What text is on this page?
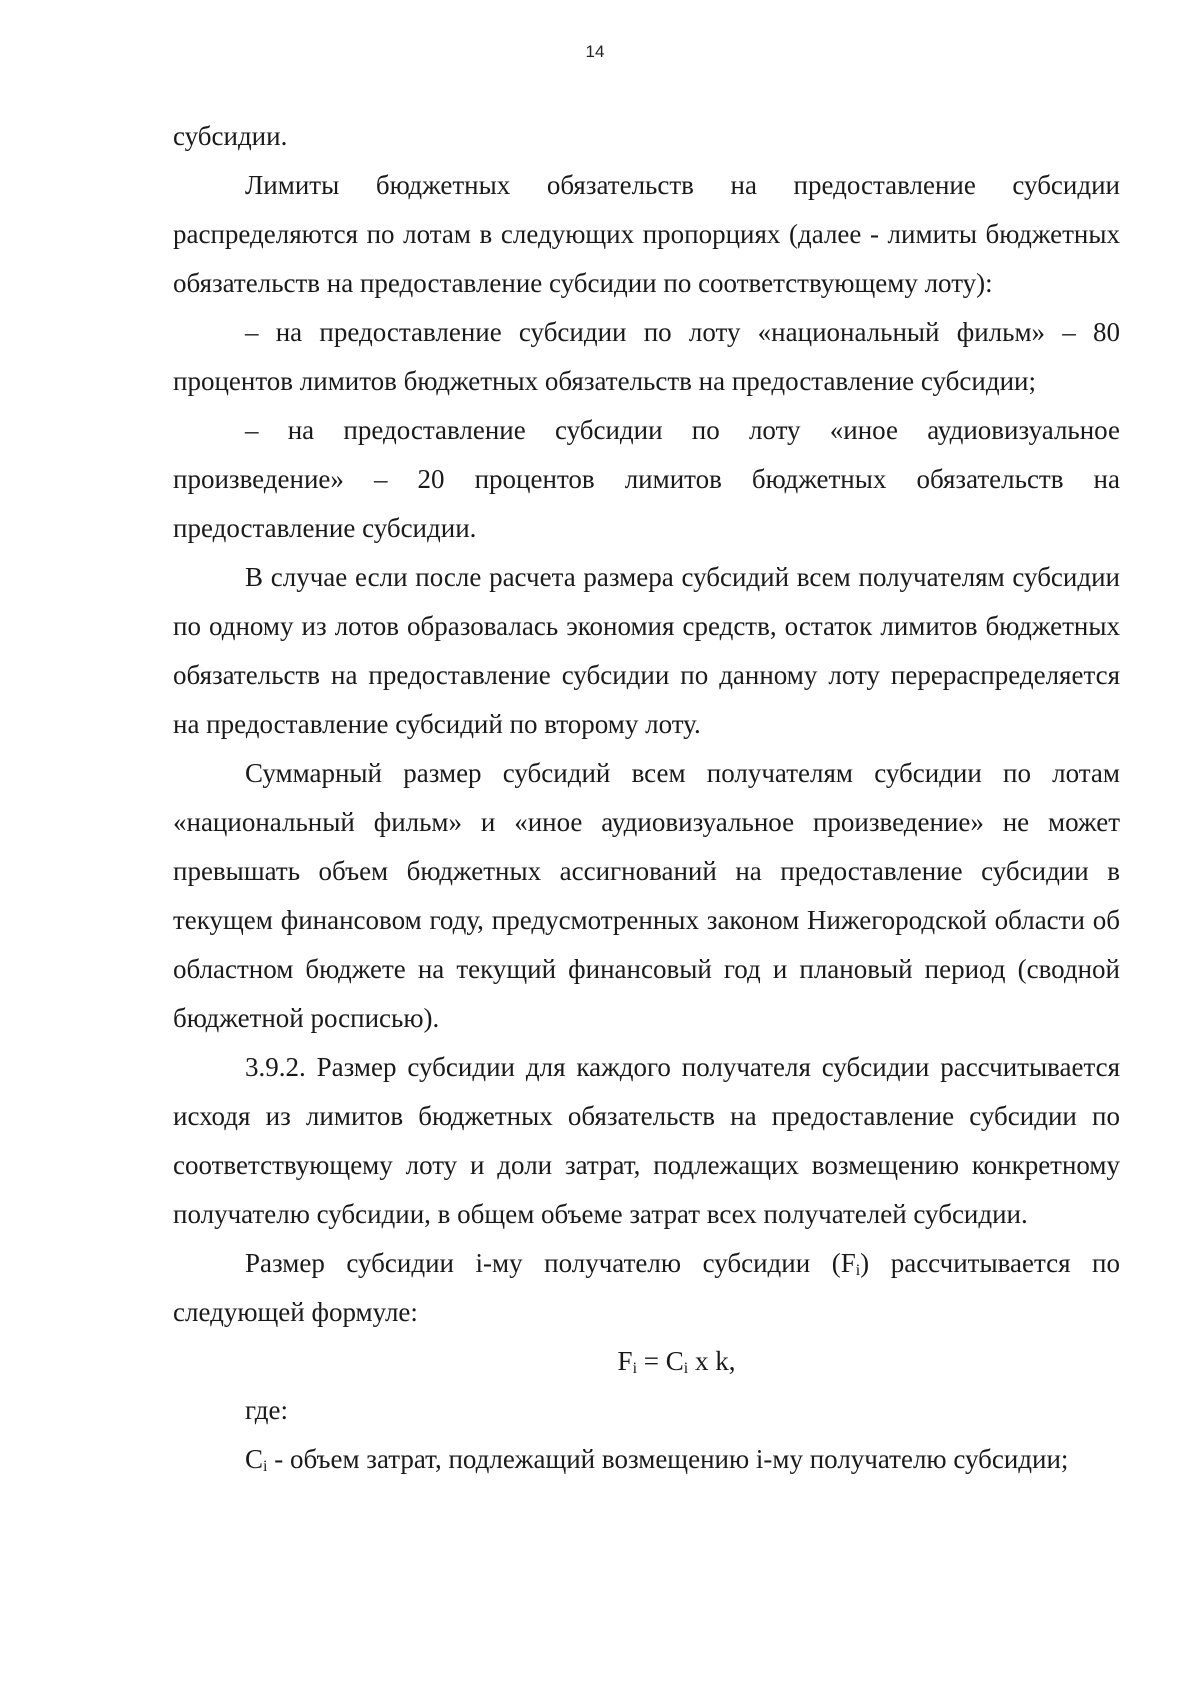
14

субсидии.

Лимиты бюджетных обязательств на предоставление субсидии распределяются по лотам в следующих пропорциях (далее - лимиты бюджетных обязательств на предоставление субсидии по соответствующему лоту):

– на предоставление субсидии по лоту «национальный фильм» – 80 процентов лимитов бюджетных обязательств на предоставление субсидии;

– на предоставление субсидии по лоту «иное аудиовизуальное произведение» – 20 процентов лимитов бюджетных обязательств на предоставление субсидии.

В случае если после расчета размера субсидий всем получателям субсидии по одному из лотов образовалась экономия средств, остаток лимитов бюджетных обязательств на предоставление субсидии по данному лоту перераспределяется на предоставление субсидий по второму лоту.

Суммарный размер субсидий всем получателям субсидии по лотам «национальный фильм» и «иное аудиовизуальное произведение» не может превышать объем бюджетных ассигнований на предоставление субсидии в текущем финансовом году, предусмотренных законом Нижегородской области об областном бюджете на текущий финансовый год и плановый период (сводной бюджетной росписью).

3.9.2. Размер субсидии для каждого получателя субсидии рассчитывается исходя из лимитов бюджетных обязательств на предоставление субсидии по соответствующему лоту и доли затрат, подлежащих возмещению конкретному получателю субсидии, в общем объеме затрат всех получателей субсидии.

Размер субсидии i-му получателю субсидии $(F_i)$ рассчитывается по следующей формуле:

$F_i = C_i$ x k,

где:

$C_i$ - объем затрат, подлежащий возмещению i-му получателю субсидии;
